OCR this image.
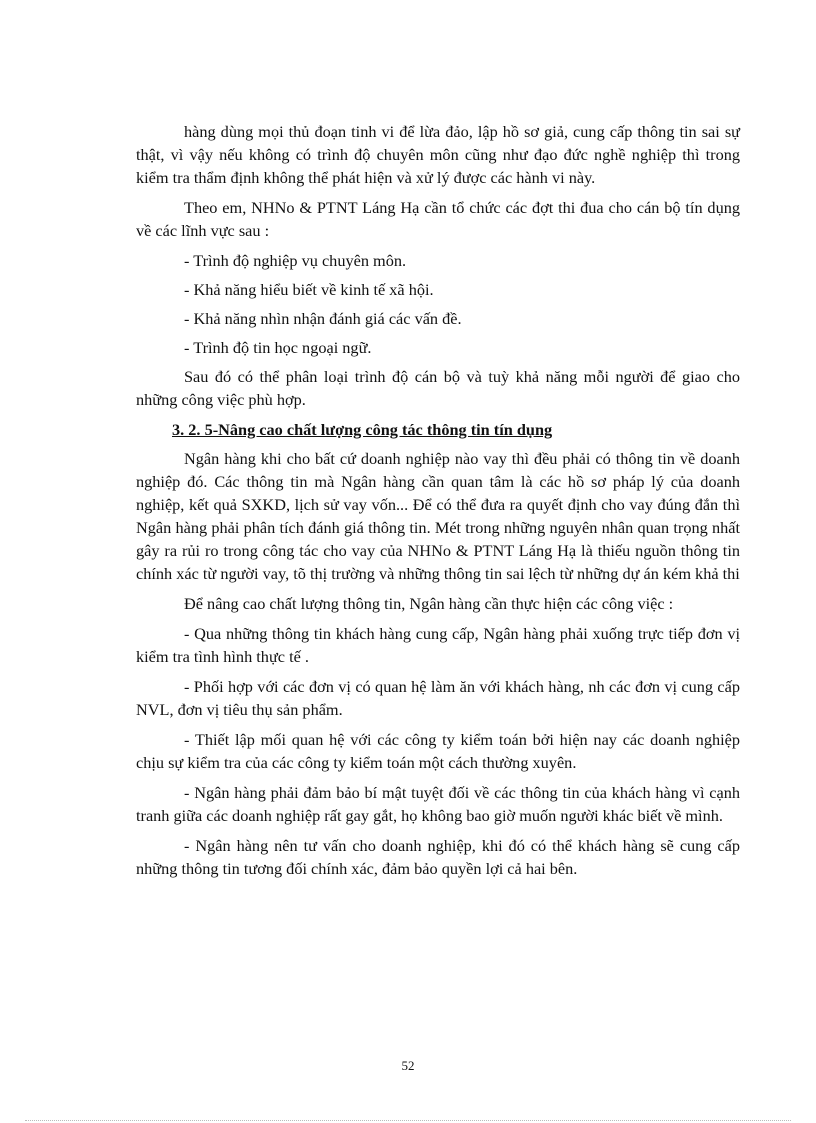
hàng dùng mọi thủ đoạn tinh vi để lừa đảo, lập hồ sơ giả, cung cấp thông tin sai sự thật, vì vậy nếu không có trình độ chuyên môn cũng như đạo đức nghề nghiệp thì trong kiểm tra thẩm định không thể phát hiện và xử lý được các hành vi này.

Theo em, NHNo & PTNT Láng Hạ cần tổ chức các đợt thi đua cho cán bộ tín dụng về các lĩnh vực sau :

- Trình độ nghiệp vụ chuyên môn.

- Khả năng hiểu biết về kinh tế xã hội.

- Khả năng nhìn nhận đánh giá các vấn đề.

- Trình độ tin học ngoại ngữ.

Sau đó có thể phân loại trình độ cán bộ và tuỳ khả năng mỗi người để giao cho những công việc phù hợp.

3. 2. 5-Nâng cao chất lượng công tác thông tin tín dụng

Ngân hàng khi cho bất cứ doanh nghiệp nào vay thì đều phải có thông tin về doanh nghiệp đó. Các thông tin mà Ngân hàng cần quan tâm là các hồ sơ pháp lý của doanh nghiệp, kết quả SXKD, lịch sử vay vốn... Để có thể đưa ra quyết định cho vay đúng đắn thì Ngân hàng phải phân tích đánh giá thông tin. Mét trong những nguyên nhân quan trọng nhất gây ra rủi ro trong công tác cho vay của NHNo & PTNT Láng Hạ là thiếu nguồn thông tin chính xác từ người vay, tõ thị trường và những thông tin sai lệch từ những dự án kém khả thi

Để nâng cao chất lượng thông tin, Ngân hàng cần thực hiện các công việc :

- Qua những thông tin khách hàng cung cấp, Ngân hàng phải xuống trực tiếp đơn vị kiểm tra tình hình thực tế .

- Phối hợp với các đơn vị có quan hệ làm ăn với khách hàng, nh các đơn vị cung cấp NVL, đơn vị tiêu thụ sản phẩm.

- Thiết lập mối quan hệ với các công ty kiểm toán bởi hiện nay các doanh nghiệp chịu sự kiểm tra của các công ty kiểm toán một cách thường xuyên.

- Ngân hàng phải đảm bảo bí mật tuyệt đối về các thông tin của khách hàng vì cạnh tranh giữa các doanh nghiệp rất gay gắt, họ không bao giờ muốn người khác biết về mình.

- Ngân hàng nên tư vấn cho doanh nghiệp, khi đó có thể khách hàng sẽ cung cấp những thông tin tương đối chính xác, đảm bảo quyền lợi cả hai bên.

52
